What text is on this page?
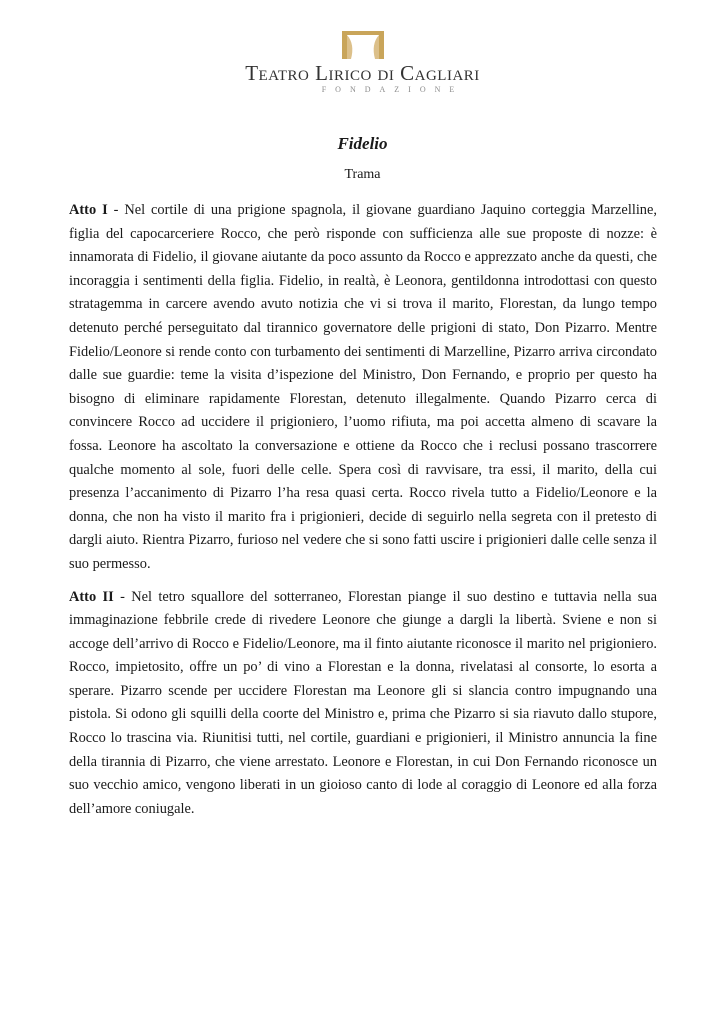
Teatro Lirico di Cagliari
FONDAZIONE
Fidelio
Trama

Atto I - Nel cortile di una prigione spagnola, il giovane guardiano Jaquino corteggia Marzelline, figlia del capocarceriere Rocco, che però risponde con sufficienza alle sue proposte di nozze: è innamorata di Fidelio, il giovane aiutante da poco assunto da Rocco e apprezzato anche da questi, che incoraggia i sentimenti della figlia. Fidelio, in realtà, è Leonora, gentildonna introdottasi con questo stratagemma in carcere avendo avuto notizia che vi si trova il marito, Florestan, da lungo tempo detenuto perché perseguitato dal tirannico governatore delle prigioni di stato, Don Pizarro. Mentre Fidelio/Leonore si rende conto con turbamento dei sentimenti di Marzelline, Pizarro arriva circondato dalle sue guardie: teme la visita d’ispezione del Ministro, Don Fernando, e proprio per questo ha bisogno di eliminare rapidamente Florestan, detenuto illegalmente. Quando Pizarro cerca di convincere Rocco ad uccidere il prigioniero, l’uomo rifiuta, ma poi accetta almeno di scavare la fossa. Leonore ha ascoltato la conversazione e ottiene da Rocco che i reclusi possano trascorrere qualche momento al sole, fuori delle celle. Spera così di ravvisare, tra essi, il marito, della cui presenza l’accanimento di Pizarro l’ha resa quasi certa. Rocco rivela tutto a Fidelio/Leonore e la donna, che non ha visto il marito fra i prigionieri, decide di seguirlo nella segreta con il pretesto di dargli aiuto. Rientra Pizarro, furioso nel vedere che si sono fatti uscire i prigionieri dalle celle senza il suo permesso.

Atto II - Nel tetro squallore del sotterraneo, Florestan piange il suo destino e tuttavia nella sua immaginazione febbrile crede di rivedere Leonore che giunge a dargli la libertà. Sviene e non si accoge dell’arrivo di Rocco e Fidelio/Leonore, ma il finto aiutante riconosce il marito nel prigioniero. Rocco, impietosito, offre un po’ di vino a Florestan e la donna, rivelatasi al consorte, lo esorta a sperare. Pizarro scende per uccidere Florestan ma Leonore gli si slancia contro impugnando una pistola. Si odono gli squilli della coorte del Ministro e, prima che Pizarro si sia riavuto dallo stupore, Rocco lo trascina via. Riunitisi tutti, nel cortile, guardiani e prigionieri, il Ministro annuncia la fine della tirannia di Pizarro, che viene arrestato. Leonore e Florestan, in cui Don Fernando riconosce un suo vecchio amico, vengono liberati in un gioioso canto di lode al coraggio di Leonore ed alla forza dell’amore coniugale.
